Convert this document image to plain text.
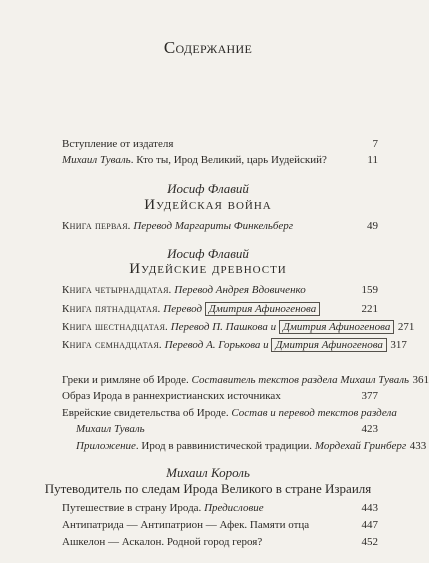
Содержание
Вступление от издателя	7
Михаил Туваль. Кто ты, Ирод Великий, царь Иудейский?	11
Иосиф Флавий
Иудейская война
Книга первая. Перевод Маргариты Финкельберг	49
Иосиф Флавий
Иудейские древности
Книга четырнадцатая. Перевод Андрея Вдовиченко	159
Книга пятнадцатая. Перевод Дмитрия Афиногенова	221
Книга шестнадцатая. Перевод П. Пашкова и Дмитрия Афиногенова 271
Книга семнадцатая. Перевод А. Горькова и Дмитрия Афиногенова 317
Греки и римляне об Ироде. Составитель текстов раздела Михаил Туваль 361
Образ Ирода в раннехристианских источниках	377
Еврейские свидетельства об Ироде. Состав и перевод текстов раздела
Михаил Туваль	423
Приложение. Ирод в раввинистической традиции. Мордехай Гринберг 433
Михаил Король
Путеводитель по следам Ирода Великого в стране Израиля
Путешествие в страну Ирода. Предисловие	443
Антипатрида — Антипатрион — Афек. Памяти отца	447
Ашкелон — Аскалон. Родной город героя?	452
